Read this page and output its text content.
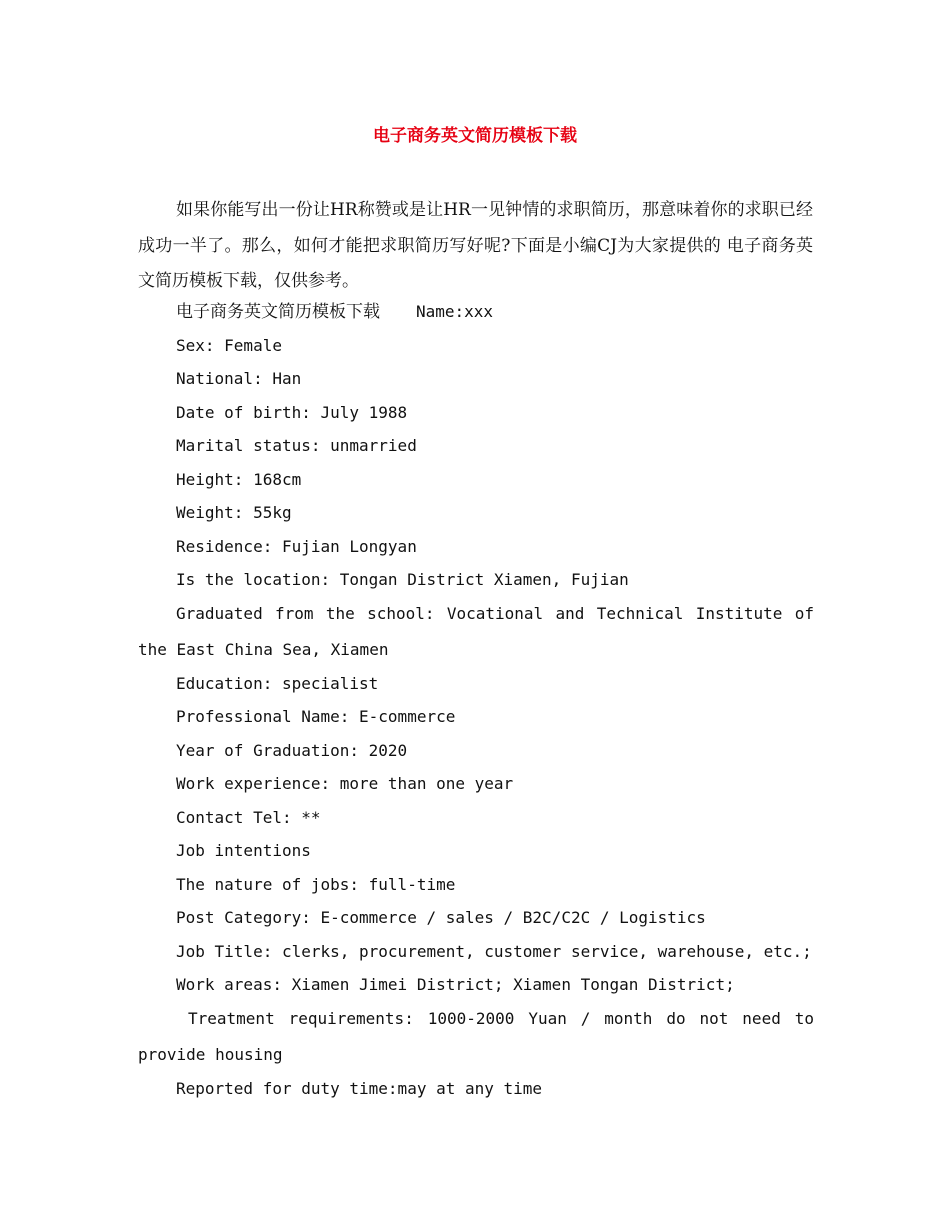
电子商务英文简历模板下载

如果你能写出一份让HR称赞或是让HR一见钟情的求职简历，那意味着你的求职已经成功一半了。那么，如何才能把求职简历写好呢?下面是小编CJ为大家提供的 电子商务英文简历模板下载，仅供参考。

电子商务英文简历模板下载 Name:xxx
Sex: Female
National: Han
Date of birth: July 1988
Marital status: unmarried
Height: 168cm
Weight: 55kg
Residence: Fujian Longyan
Is the location: Tongan District Xiamen, Fujian
Graduated from the school: Vocational and Technical Institute of the East China Sea, Xiamen
Education: specialist
Professional Name: E-commerce
Year of Graduation: 2020
Work experience: more than one year
Contact Tel: **
Job intentions
The nature of jobs: full-time
Post Category: E-commerce / sales / B2C/C2C / Logistics
Job Title: clerks, procurement, customer service, warehouse, etc.;
Work areas: Xiamen Jimei District; Xiamen Tongan District;
Treatment requirements: 1000-2000 Yuan / month do not need to provide housing
Reported for duty time:may at any time
